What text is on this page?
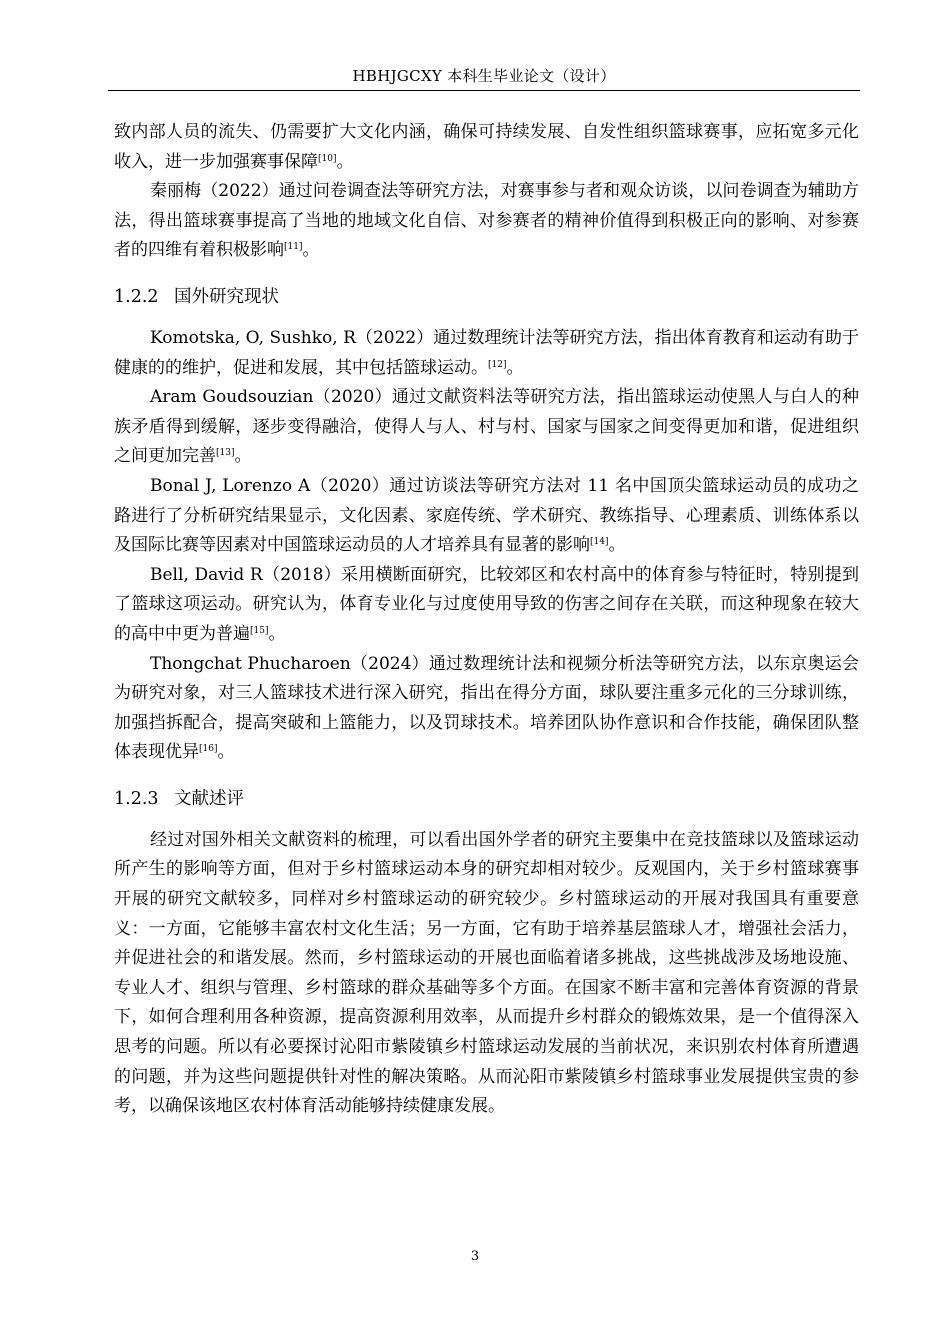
HBHJGCXY 本科生毕业论文（设计）

致内部人员的流失、仍需要扩大文化内涵，确保可持续发展、自发性组织篮球赛事，应拓宽多元化收入，进一步加强赛事保障[10]。

秦丽梅（2022）通过问卷调查法等研究方法，对赛事参与者和观众访谈，以问卷调查为辅助方法，得出篮球赛事提高了当地的地域文化自信、对参赛者的精神价值得到积极正向的影响、对参赛者的四维有着积极影响[11]。

1.2.2 国外研究现状

Komotska, O, Sushko, R（2022）通过数理统计法等研究方法，指出体育教育和运动有助于健康的的维护，促进和发展，其中包括篮球运动。[12]。

Aram Goudsouzian（2020）通过文献资料法等研究方法，指出篮球运动使黑人与白人的种族矛盾得到缓解，逐步变得融洽，使得人与人、村与村、国家与国家之间变得更加和谐，促进组织之间更加完善[13]。

Bonal J, Lorenzo A（2020）通过访谈法等研究方法对 11 名中国顶尖篮球运动员的成功之路进行了分析研究结果显示，文化因素、家庭传统、学术研究、教练指导、心理素质、训练体系以及国际比赛等因素对中国篮球运动员的人才培养具有显著的影响[14]。

Bell, David R（2018）采用横断面研究，比较郊区和农村高中的体育参与特征时，特别提到了篮球这项运动。研究认为，体育专业化与过度使用导致的伤害之间存在关联，而这种现象在较大的高中中更为普遍[15]。

Thongchat Phucharoen（2024）通过数理统计法和视频分析法等研究方法，以东京奥运会为研究对象，对三人篮球技术进行深入研究，指出在得分方面，球队要注重多元化的三分球训练，加强挡拆配合，提高突破和上篮能力，以及罚球技术。培养团队协作意识和合作技能，确保团队整体表现优异[16]。

1.2.3 文献述评

经过对国外相关文献资料的梳理，可以看出国外学者的研究主要集中在竞技篮球以及篮球运动所产生的影响等方面，但对于乡村篮球运动本身的研究却相对较少。反观国内，关于乡村篮球赛事开展的研究文献较多，同样对乡村篮球运动的研究较少。乡村篮球运动的开展对我国具有重要意义：一方面，它能够丰富农村文化生活；另一方面，它有助于培养基层篮球人才，增强社会活力，并促进社会的和谐发展。然而，乡村篮球运动的开展也面临着诸多挑战，这些挑战涉及场地设施、专业人才、组织与管理、乡村篮球的群众基础等多个方面。在国家不断丰富和完善体育资源的背景下，如何合理利用各种资源，提高资源利用效率，从而提升乡村群众的锻炼效果，是一个值得深入思考的问题。所以有必要探讨沁阳市紫陵镇乡村篮球运动发展的当前状况，来识别农村体育所遭遇的问题，并为这些问题提供针对性的解决策略。从而沁阳市紫陵镇乡村篮球事业发展提供宝贵的参考，以确保该地区农村体育活动能够持续健康发展。

3
